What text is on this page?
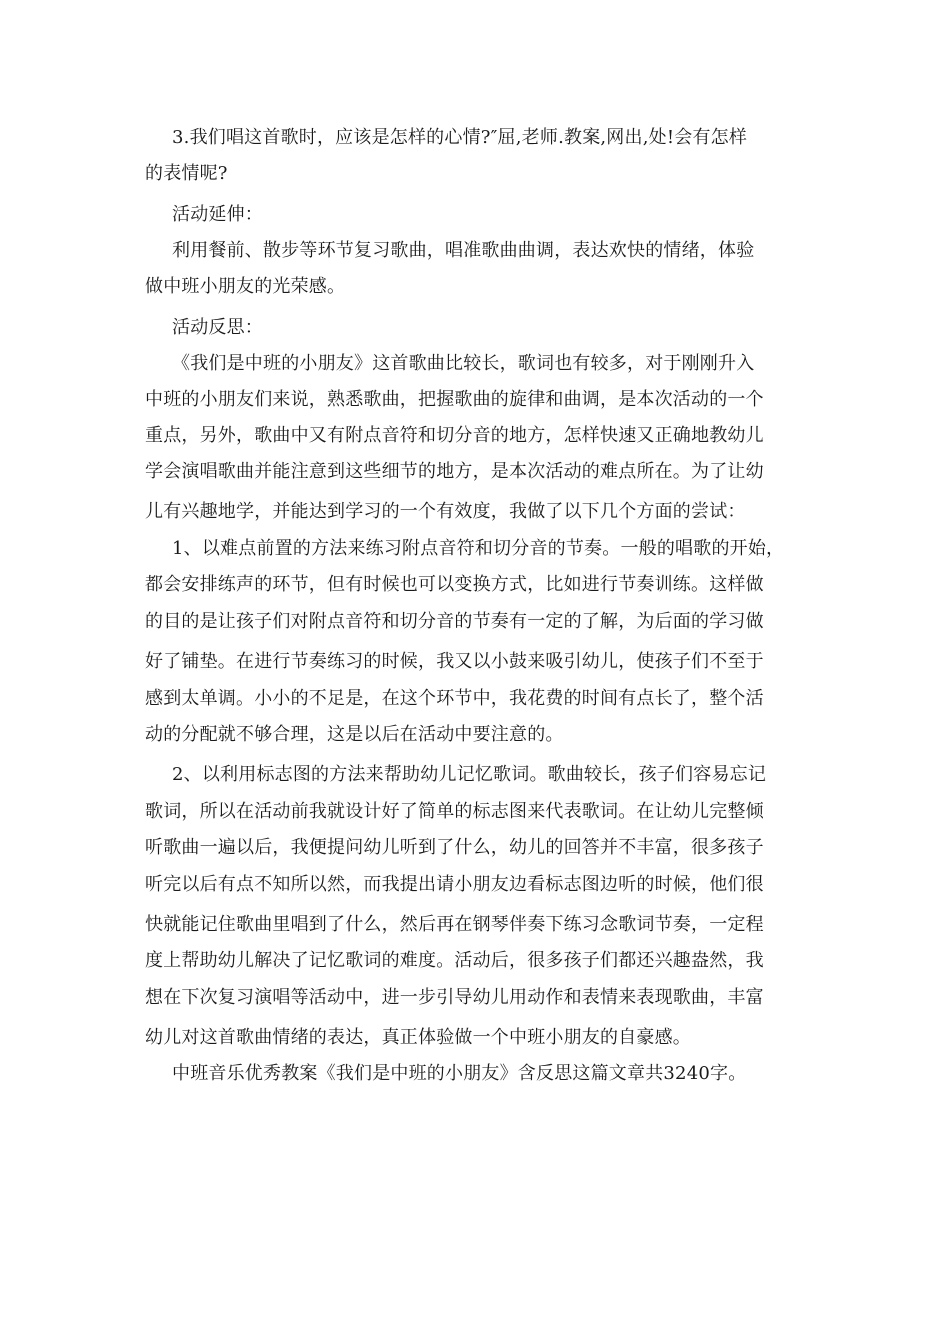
3.我们唱这首歌时，应该是怎样的心情?″屈,老师.教案,网出,处!会有怎样
的表情呢?
活动延伸：
利用餐前、散步等环节复习歌曲，唱准歌曲曲调，表达欢快的情绪，体验
做中班小朋友的光荣感。
活动反思：
《我们是中班的小朋友》这首歌曲比较长，歌词也有较多，对于刚刚升入
中班的小朋友们来说，熟悉歌曲，把握歌曲的旋律和曲调，是本次活动的一个
重点，另外，歌曲中又有附点音符和切分音的地方，怎样快速又正确地教幼儿
学会演唱歌曲并能注意到这些细节的地方，是本次活动的难点所在。为了让幼
儿有兴趣地学，并能达到学习的一个有效度，我做了以下几个方面的尝试：
1、以难点前置的方法来练习附点音符和切分音的节奏。一般的唱歌的开始，
都会安排练声的环节，但有时候也可以变换方式，比如进行节奏训练。这样做
的目的是让孩子们对附点音符和切分音的节奏有一定的了解，为后面的学习做
好了铺垫。在进行节奏练习的时候，我又以小鼓来吸引幼儿，使孩子们不至于
感到太单调。小小的不足是，在这个环节中，我花费的时间有点长了，整个活
动的分配就不够合理，这是以后在活动中要注意的。
2、以利用标志图的方法来帮助幼儿记忆歌词。歌曲较长，孩子们容易忘记
歌词，所以在活动前我就设计好了简单的标志图来代表歌词。在让幼儿完整倾
听歌曲一遍以后，我便提问幼儿听到了什么，幼儿的回答并不丰富，很多孩子
听完以后有点不知所以然，而我提出请小朋友边看标志图边听的时候，他们很
快就能记住歌曲里唱到了什么，然后再在钢琴伴奏下练习念歌词节奏，一定程
度上帮助幼儿解决了记忆歌词的难度。活动后，很多孩子们都还兴趣盎然，我
想在下次复习演唱等活动中，进一步引导幼儿用动作和表情来表现歌曲，丰富
幼儿对这首歌曲情绪的表达，真正体验做一个中班小朋友的自豪感。
中班音乐优秀教案《我们是中班的小朋友》含反思这篇文章共3240字。
